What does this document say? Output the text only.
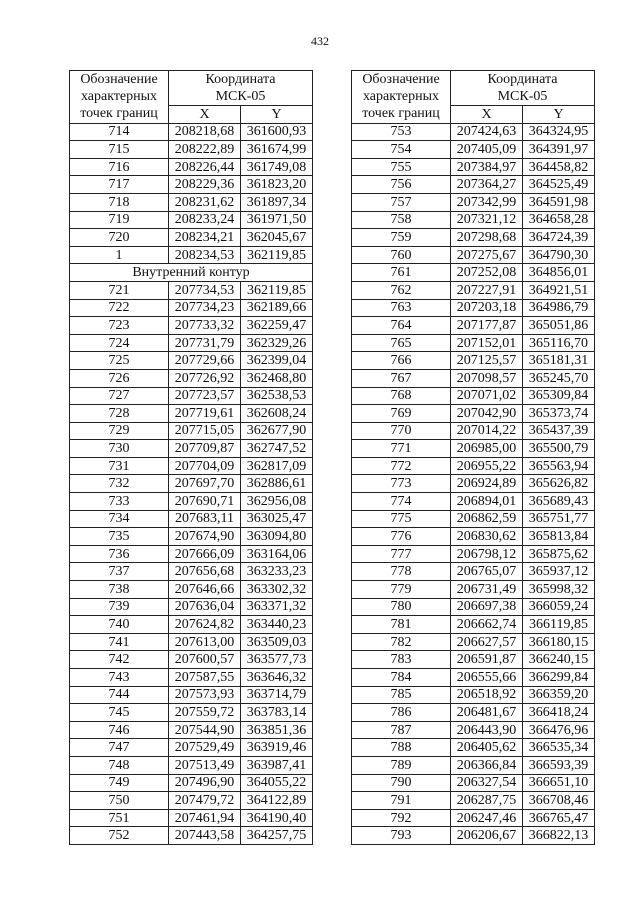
432
Обозначение
характерных
точек границ	Координата
МСК-05	
	X	Y
714	208218,68	361600,93
715	208222,89	361674,99
716	208226,44	361749,08
717	208229,36	361823,20
718	208231,62	361897,34
719	208233,24	361971,50
720	208234,21	362045,67
1	208234,53	362119,85
Внутренний контур		
721	207734,53	362119,85
722	207734,23	362189,66
723	207733,32	362259,47
724	207731,79	362329,26
725	207729,66	362399,04
726	207726,92	362468,80
727	207723,57	362538,53
728	207719,61	362608,24
729	207715,05	362677,90
730	207709,87	362747,52
731	207704,09	362817,09
732	207697,70	362886,61
733	207690,71	362956,08
734	207683,11	363025,47
735	207674,90	363094,80
736	207666,09	363164,06
737	207656,68	363233,23
738	207646,66	363302,32
739	207636,04	363371,32
740	207624,82	363440,23
741	207613,00	363509,03
742	207600,57	363577,73
743	207587,55	363646,32
744	207573,93	363714,79
745	207559,72	363783,14
746	207544,90	363851,36
747	207529,49	363919,46
748	207513,49	363987,41
749	207496,90	364055,22
750	207479,72	364122,89
751	207461,94	364190,40
752	207443,58	364257,75
Обозначение
характерных
точек границ	Координата
МСК-05	
	X	Y
753	207424,63	364324,95
754	207405,09	364391,97
755	207384,97	364458,82
756	207364,27	364525,49
757	207342,99	364591,98
758	207321,12	364658,28
759	207298,68	364724,39
760	207275,67	364790,30
761	207252,08	364856,01
762	207227,91	364921,51
763	207203,18	364986,79
764	207177,87	365051,86
765	207152,01	365116,70
766	207125,57	365181,31
767	207098,57	365245,70
768	207071,02	365309,84
769	207042,90	365373,74
770	207014,22	365437,39
771	206985,00	365500,79
772	206955,22	365563,94
773	206924,89	365626,82
774	206894,01	365689,43
775	206862,59	365751,77
776	206830,62	365813,84
777	206798,12	365875,62
778	206765,07	365937,12
779	206731,49	365998,32
780	206697,38	366059,24
781	206662,74	366119,85
782	206627,57	366180,15
783	206591,87	366240,15
784	206555,66	366299,84
785	206518,92	366359,20
786	206481,67	366418,24
787	206443,90	366476,96
788	206405,62	366535,34
789	206366,84	366593,39
790	206327,54	366651,10
791	206287,75	366708,46
792	206247,46	366765,47
793	206206,67	366822,13
